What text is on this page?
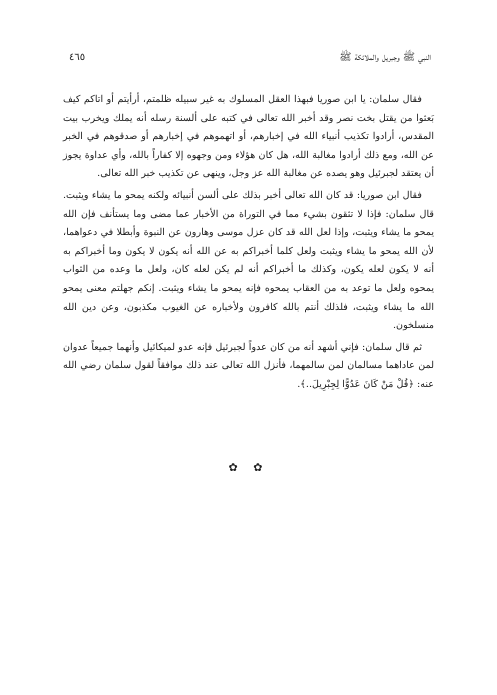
٤٦٥	النبي ﷺ وجبريل والملائكة ﷺ

فقال سلمان: يا ابن صوريا فبهذا العقل المسلوك به غير سبيله ظلمتم، أرأيتم أو اتاكم كيف بَعثوا من يقتل بخت نصر وقد أخبر الله تعالى في كتبه على ألسنة رسله أنه يملك ويخرب بيت المقدس، أرادوا تكذيب أنبياء الله في إخبارهم، أو اتهموهم في إخبارهم أو صدقوهم في الخبر عن الله، ومع ذلك أرادوا مغالبة الله، هل كان هؤلاء ومن وجهوه إلا كفاراً بالله، وأي عداوة يجوز أن يعتقد لجبرئيل وهو يصده عن مغالبة الله عز وجل، وينهى عن تكذيب خبر الله تعالى.

فقال ابن صوريا: قد كان الله تعالى أخبر بذلك على ألسن أنبيائه ولكنه يمحو ما يشاء ويثبت. قال سلمان: فإذا لا تثقون بشيء مما في التوراة من الأخبار عما مضى وما يستأنف فإن الله يمحو ما يشاء ويثبت، وإذا لعل الله قد كان عزل موسى وهارون عن النبوة وأبطلا في دعواهما، لأن الله يمحو ما يشاء ويثبت ولعل كلما أخبراكم به عن الله أنه يكون لا يكون وما أخبراكم به أنه لا يكون لعله يكون، وكذلك ما أخبراكم أنه لم يكن لعله كان، ولعل ما وعده من الثواب يمحوه ولعل ما توعد به من العقاب يمحوه فإنه يمحو ما يشاء ويثبت. إنكم جهلتم معنى يمحو الله ما يشاء ويثبت، فلذلك أنتم بالله كافرون ولأخباره عن الغيوب مكذبون، وعن دين الله منسلخون.

ثم قال سلمان: فإني أشهد أنه من كان عدواً لجبرئيل فإنه عدو لميكائيل وأنهما جميعاً عدوان لمن عاداهما مسالمان لمن سالمهما، فأنزل الله تعالى عند ذلك موافقاً لقول سلمان رضي الله عنه: ﴿قُلْ مَنْ كَانَ عَدُوًّا لِجِبْرِيلَ..﴾.

✿ ✿
